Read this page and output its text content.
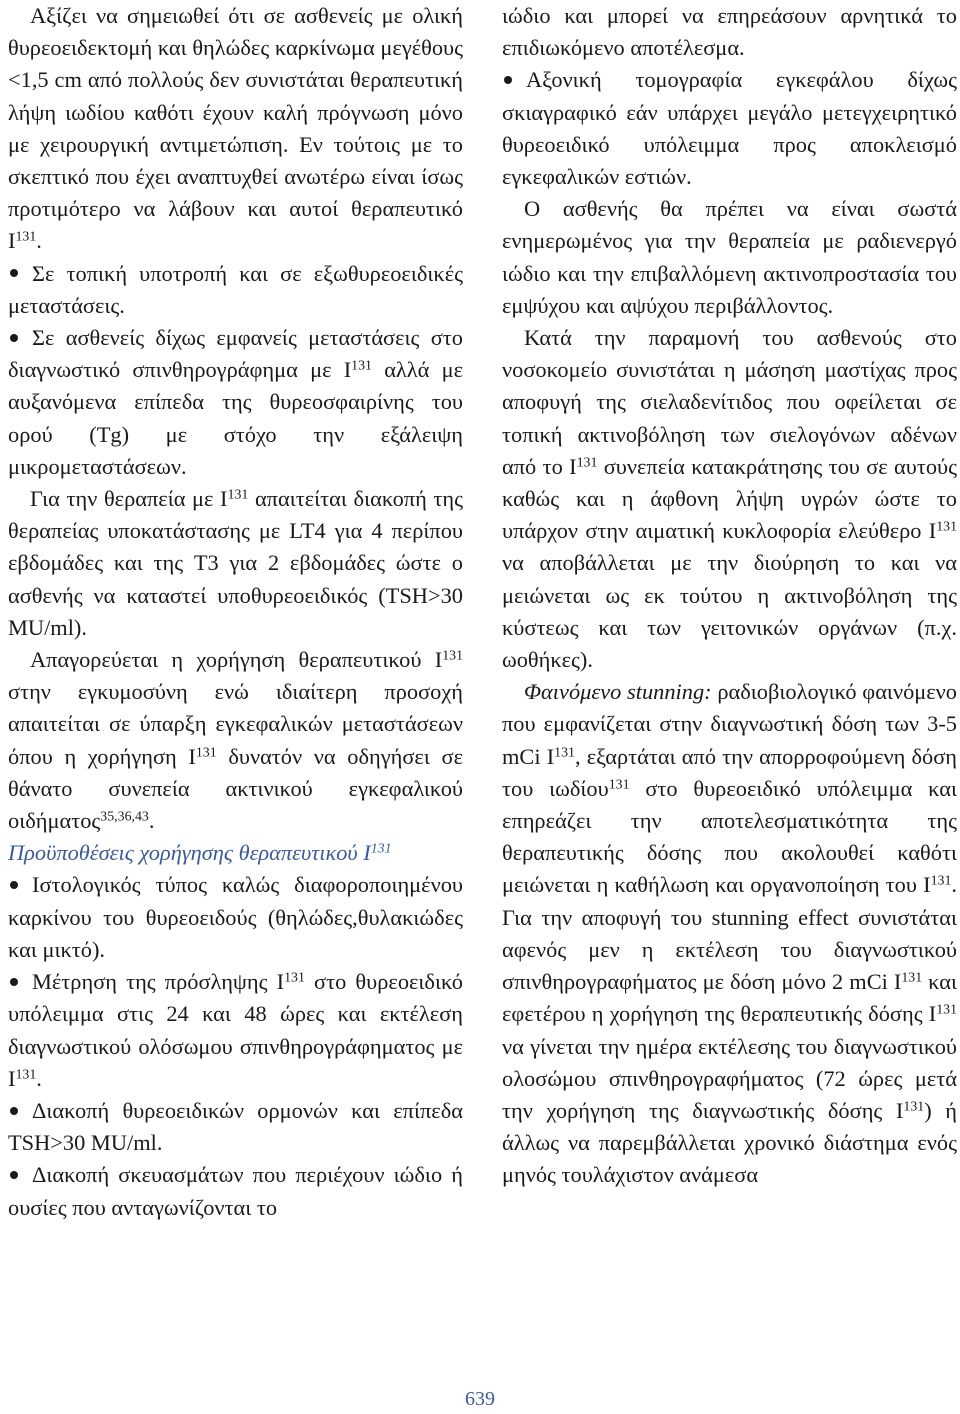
Αξίζει να σημειωθεί ότι σε ασθενείς με ολική θυρεοειδεκτομή και θηλώδες καρκίνωμα μεγέθους <1,5 cm από πολλούς δεν συνιστάται θεραπευτική λήψη ιωδίου καθότι έχουν καλή πρόγνωση μόνο με χειρουργική αντιμετώπιση. Εν τούτοις με το σκεπτικό που έχει αναπτυχθεί ανωτέρω είναι ίσως προτιμότερο να λάβουν και αυτοί θεραπευτικό $I^{131}$.

Σε τοπική υποτροπή και σε εξωθυρεοειδικές μεταστάσεις.
Σε ασθενείς δίχως εμφανείς μεταστάσεις στο διαγνωστικό σπινθηρογράφημα με $I^{131}$ αλλά με αυξανόμενα επίπεδα της θυρεοσφαιρίνης του ορού (Tg) με στόχο την εξάλειψη μικρομεταστάσεων.

Για την θεραπεία με $I^{131}$ απαιτείται διακοπή της θεραπείας υποκατάστασης με LT4 για 4 περίπου εβδομάδες και της T3 για 2 εβδομάδες ώστε ο ασθενής να καταστεί υποθυρεοειδικός (TSH>30 MU/ml).

Απαγορεύεται η χορήγηση θεραπευτικού $I^{131}$ στην εγκυμοσύνη ενώ ιδιαίτερη προσοχή απαιτείται σε ύπαρξη εγκεφαλικών μεταστάσεων όπου η χορήγηση $I^{131}$ δυνατόν να οδηγήσει σε θάνατο συνεπεία ακτινικού εγκεφαλικού οιδήματος$^{35,36,43}$.

Προϋποθέσεις χορήγησης θεραπευτικού $I^{131}$
Ιστολογικός τύπος καλώς διαφοροποιημένου καρκίνου του θυρεοειδούς (θηλώδες,θυλακιώδες και μικτό).
Μέτρηση της πρόσληψης $I^{131}$ στο θυρεοειδικό υπόλειμμα στις 24 και 48 ώρες και εκτέλεση διαγνωστικού ολόσωμου σπινθηρογράφηματος με $I^{131}$.
Διακοπή θυρεοειδικών ορμονών και επίπεδα TSH>30 MU/ml.
Διακοπή σκευασμάτων που περιέχουν ιώδιο ή ουσίες που ανταγωνίζονται το

ιώδιο και μπορεί να επηρεάσουν αρνητικά το επιδιωκόμενο αποτέλεσμα.

Αξονική τομογραφία εγκεφάλου δίχως σκιαγραφικό εάν υπάρχει μεγάλο μετεγχειρητικό θυρεοειδικό υπόλειμμα προς αποκλεισμό εγκεφαλικών εστιών.

Ο ασθενής θα πρέπει να είναι σωστά ενημερωμένος για την θεραπεία με ραδιενεργό ιώδιο και την επιβαλλόμενη ακτινοπροστασία του εμψύχου και αψύχου περιβάλλοντος.

Κατά την παραμονή του ασθενούς στο νοσοκομείο συνιστάται η μάσηση μαστίχας προς αποφυγή της σιελαδενίτιδος που οφείλεται σε τοπική ακτινοβόληση των σιελογόνων αδένων από το $I^{131}$ συνεπεία κατακράτησης του σε αυτούς καθώς και η άφθονη λήψη υγρών ώστε το υπάρχον στην αιματική κυκλοφορία ελεύθερο $I^{131}$ να αποβάλλεται με την διούρηση το και να μειώνεται ως εκ τούτου η ακτινοβόληση της κύστεως και των γειτονικών οργάνων (π.χ. ωοθήκες).

Φαινόμενο stunning: ραδιοβιολογικό φαινόμενο που εμφανίζεται στην διαγνωστική δόση των 3-5 mCi $I^{131}$, εξαρτάται από την απορροφούμενη δόση του ιωδίου$^{131}$ στο θυρεοειδικό υπόλειμμα και επηρεάζει την αποτελεσματικότητα της θεραπευτικής δόσης που ακολουθεί καθότι μειώνεται η καθήλωση και οργανοποίηση του $I^{131}$. Για την αποφυγή του stunning effect συνιστάται αφενός μεν η εκτέλεση του διαγνωστικού σπινθηρογραφήματος με δόση μόνο 2 mCi $I^{131}$ και εφετέρου η χορήγηση της θεραπευτικής δόσης $I^{131}$ να γίνεται την ημέρα εκτέλεσης του διαγνωστικού ολοσώμου σπινθηρογραφήματος (72 ώρες μετά την χορήγηση της διαγνωστικής δόσης $I^{131}$) ή άλλως να παρεμβάλλεται χρονικό διάστημα ενός μηνός τουλάχιστον ανάμεσα

639
